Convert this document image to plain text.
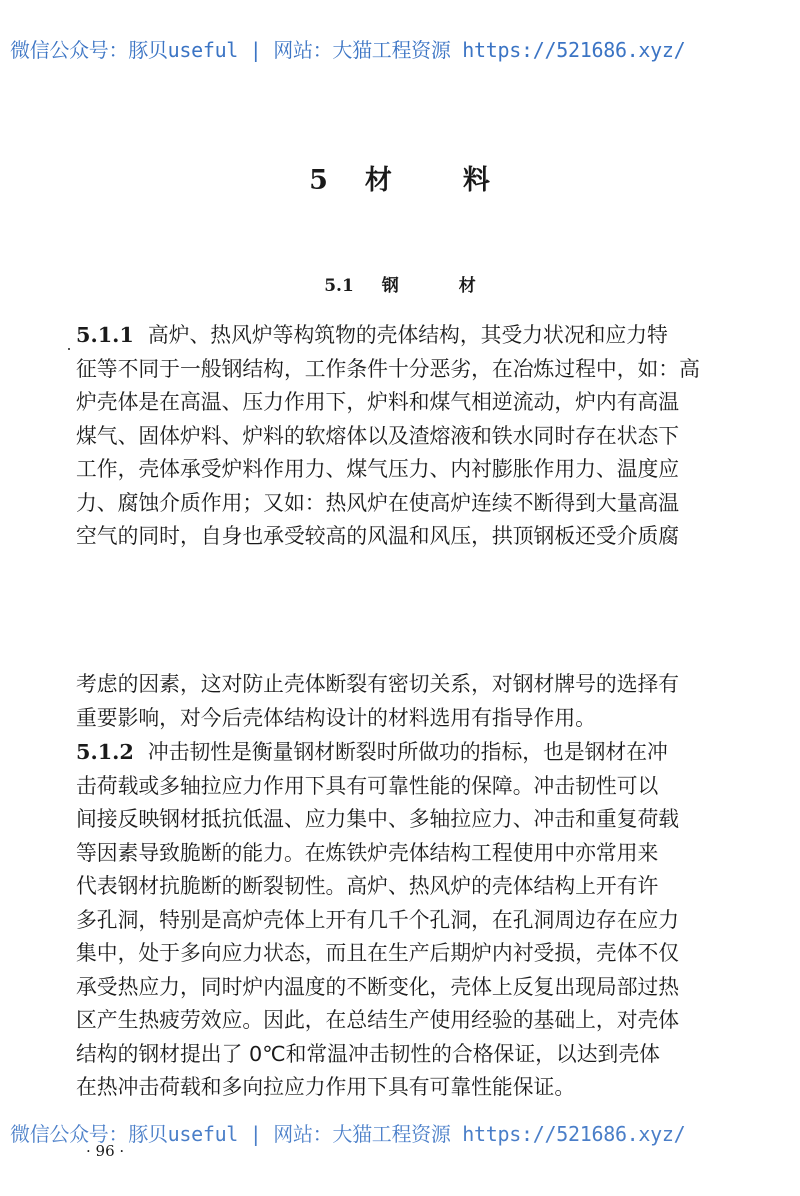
微信公众号：豚贝useful | 网站：大猫工程资源 https://521686.xyz/
5 材	料
5.1 钢	材

5.1.1 高炉、热风炉等构筑物的壳体结构，其受力状况和应力特

征等不同于一般钢结构，工作条件十分恶劣，在冶炼过程中，如：高

炉壳体是在高温、压力作用下，炉料和煤气相逆流动，炉内有高温

煤气、固体炉料、炉料的软熔体以及渣熔液和铁水同时存在状态下

工作，壳体承受炉料作用力、煤气压力、内衬膨胀作用力、温度应

力、腐蚀介质作用；又如：热风炉在使高炉连续不断得到大量高温

空气的同时，自身也承受较高的风温和风压，拱顶钢板还受介质腐

考虑的因素，这对防止壳体断裂有密切关系，对钢材牌号的选择有

重要影响，对今后壳体结构设计的材料选用有指导作用。

5.1.2 冲击韧性是衡量钢材断裂时所做功的指标，也是钢材在冲

击荷载或多轴拉应力作用下具有可靠性能的保障。冲击韧性可以

间接反映钢材抵抗低温、应力集中、多轴拉应力、冲击和重复荷载

等因素导致脆断的能力。在炼铁炉壳体结构工程使用中亦常用来

代表钢材抗脆断的断裂韧性。高炉、热风炉的壳体结构上开有许

多孔洞，特别是高炉壳体上开有几千个孔洞，在孔洞周边存在应力

集中，处于多向应力状态，而且在生产后期炉内衬受损，壳体不仅

承受热应力，同时炉内温度的不断变化，壳体上反复出现局部过热

区产生热疲劳效应。因此，在总结生产使用经验的基础上，对壳体

结构的钢材提出了 0℃和常温冲击韧性的合格保证，以达到壳体

在热冲击荷载和多向拉应力作用下具有可靠性能保证。

微信公众号：豚贝useful | 网站：大猫工程资源 https://521686.xyz/
· 96 ·
